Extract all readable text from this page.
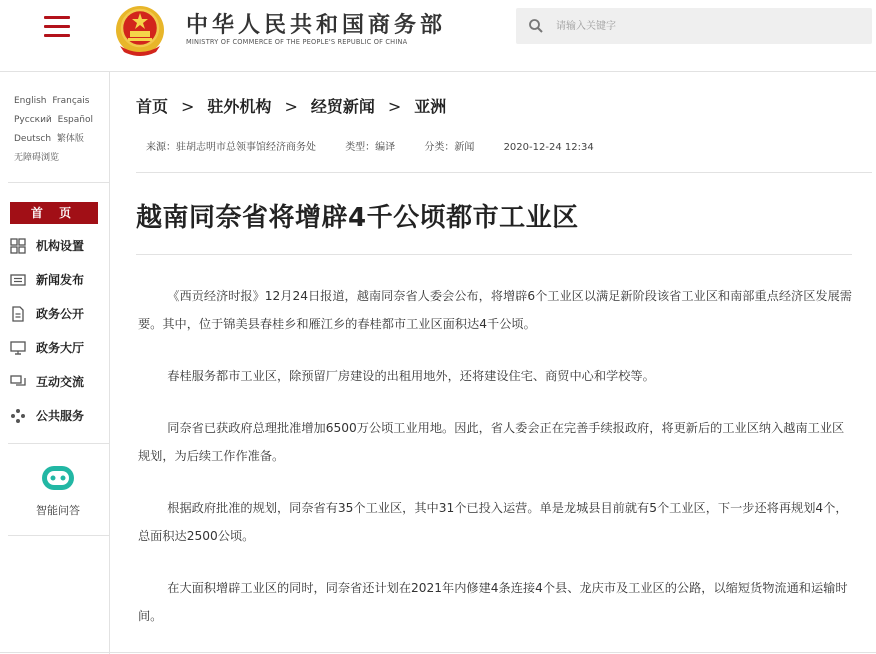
中华人民共和国商务部
MINISTRY OF COMMERCE OF THE PEOPLE'S REPUBLIC OF CHINA
请输入关键字
English Français
Русский Español
Deutsch 繁体版
无障碍浏览
首 页
机构设置
新闻发布
政务公开
政务大厅
互动交流
公共服务
智能问答
首页 > 驻外机构 > 经贸新闻 > 亚洲
来源：驻胡志明市总领事馆经济商务处	类型：编译	分类：新闻	2020-12-24 12:34
越南同奈省将增辟4千公顷都市工业区

《西贡经济时报》12月24日报道，越南同奈省人委会公布，将增辟6个工业区以满足新阶段该省工业区和南部重点经济区发展需要。其中，位于锦美县春桂乡和雁江乡的春桂都市工业区面积达4千公顷。

春桂服务都市工业区，除预留厂房建设的出租用地外，还将建设住宅、商贸中心和学校等。

同奈省已获政府总理批准增加6500万公顷工业用地。因此，省人委会正在完善手续报政府，将更新后的工业区纳入越南工业区规划，为后续工作作准备。

根据政府批准的规划，同奈省有35个工业区，其中31个已投入运营。单是龙城县目前就有5个工业区，下一步还将再规划4个，总面积达2500公顷。

在大面积增辟工业区的同时，同奈省还计划在2021年内修建4条连接4个县、龙庆市及工业区的公路，以缩短货物流通和运输时间。
